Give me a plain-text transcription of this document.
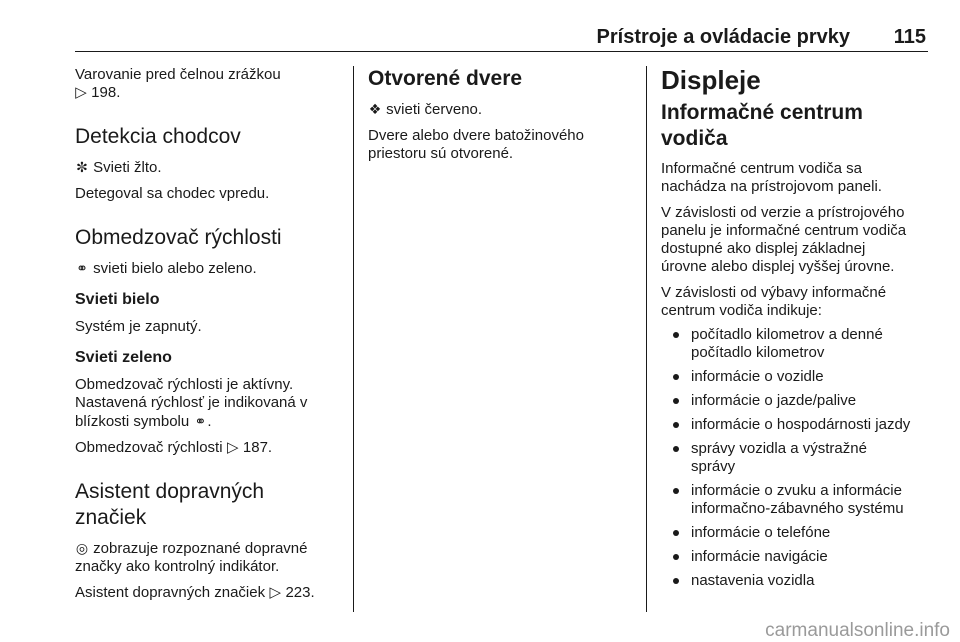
Prístroje a ovládacie prvky	115

Varovanie pred čelnou zrážkou

▷ 198.

Detekcia chodcov

✼ Svieti žlto.

Detegoval sa chodec vpredu.

Obmedzovač rýchlosti

⚭ svieti bielo alebo zeleno.

Svieti bielo

Systém je zapnutý.

Svieti zeleno

Obmedzovač rýchlosti je aktívny.

Nastavená rýchlosť je indikovaná v

blízkosti symbolu ⚭.

Obmedzovač rýchlosti ▷ 187.

Asistent dopravných
značiek

◎ zobrazuje rozpoznané dopravné

značky ako kontrolný indikátor.

Asistent dopravných značiek ▷ 223.

Otvorené dvere

❖ svieti červeno.

Dvere alebo dvere batožinového

priestoru sú otvorené.

Displeje
Informačné centrum vodiča

Informačné centrum vodiča sa

nachádza na prístrojovom paneli.

V závislosti od verzie a prístrojového

panelu je informačné centrum vodiča

dostupné ako displej základnej

úrovne alebo displej vyššej úrovne.

V závislosti od výbavy informačné

centrum vodiča indikuje:

počítadlo kilometrov a denné
počítadlo kilometrov
informácie o vozidle
informácie o jazde/palive
informácie o hospodárnosti jazdy
správy vozidla a výstražné
správy
informácie o zvuku a informácie
informačno-zábavného systému
informácie o telefóne
informácie navigácie
nastavenia vozidla
carmanualsonline.info
